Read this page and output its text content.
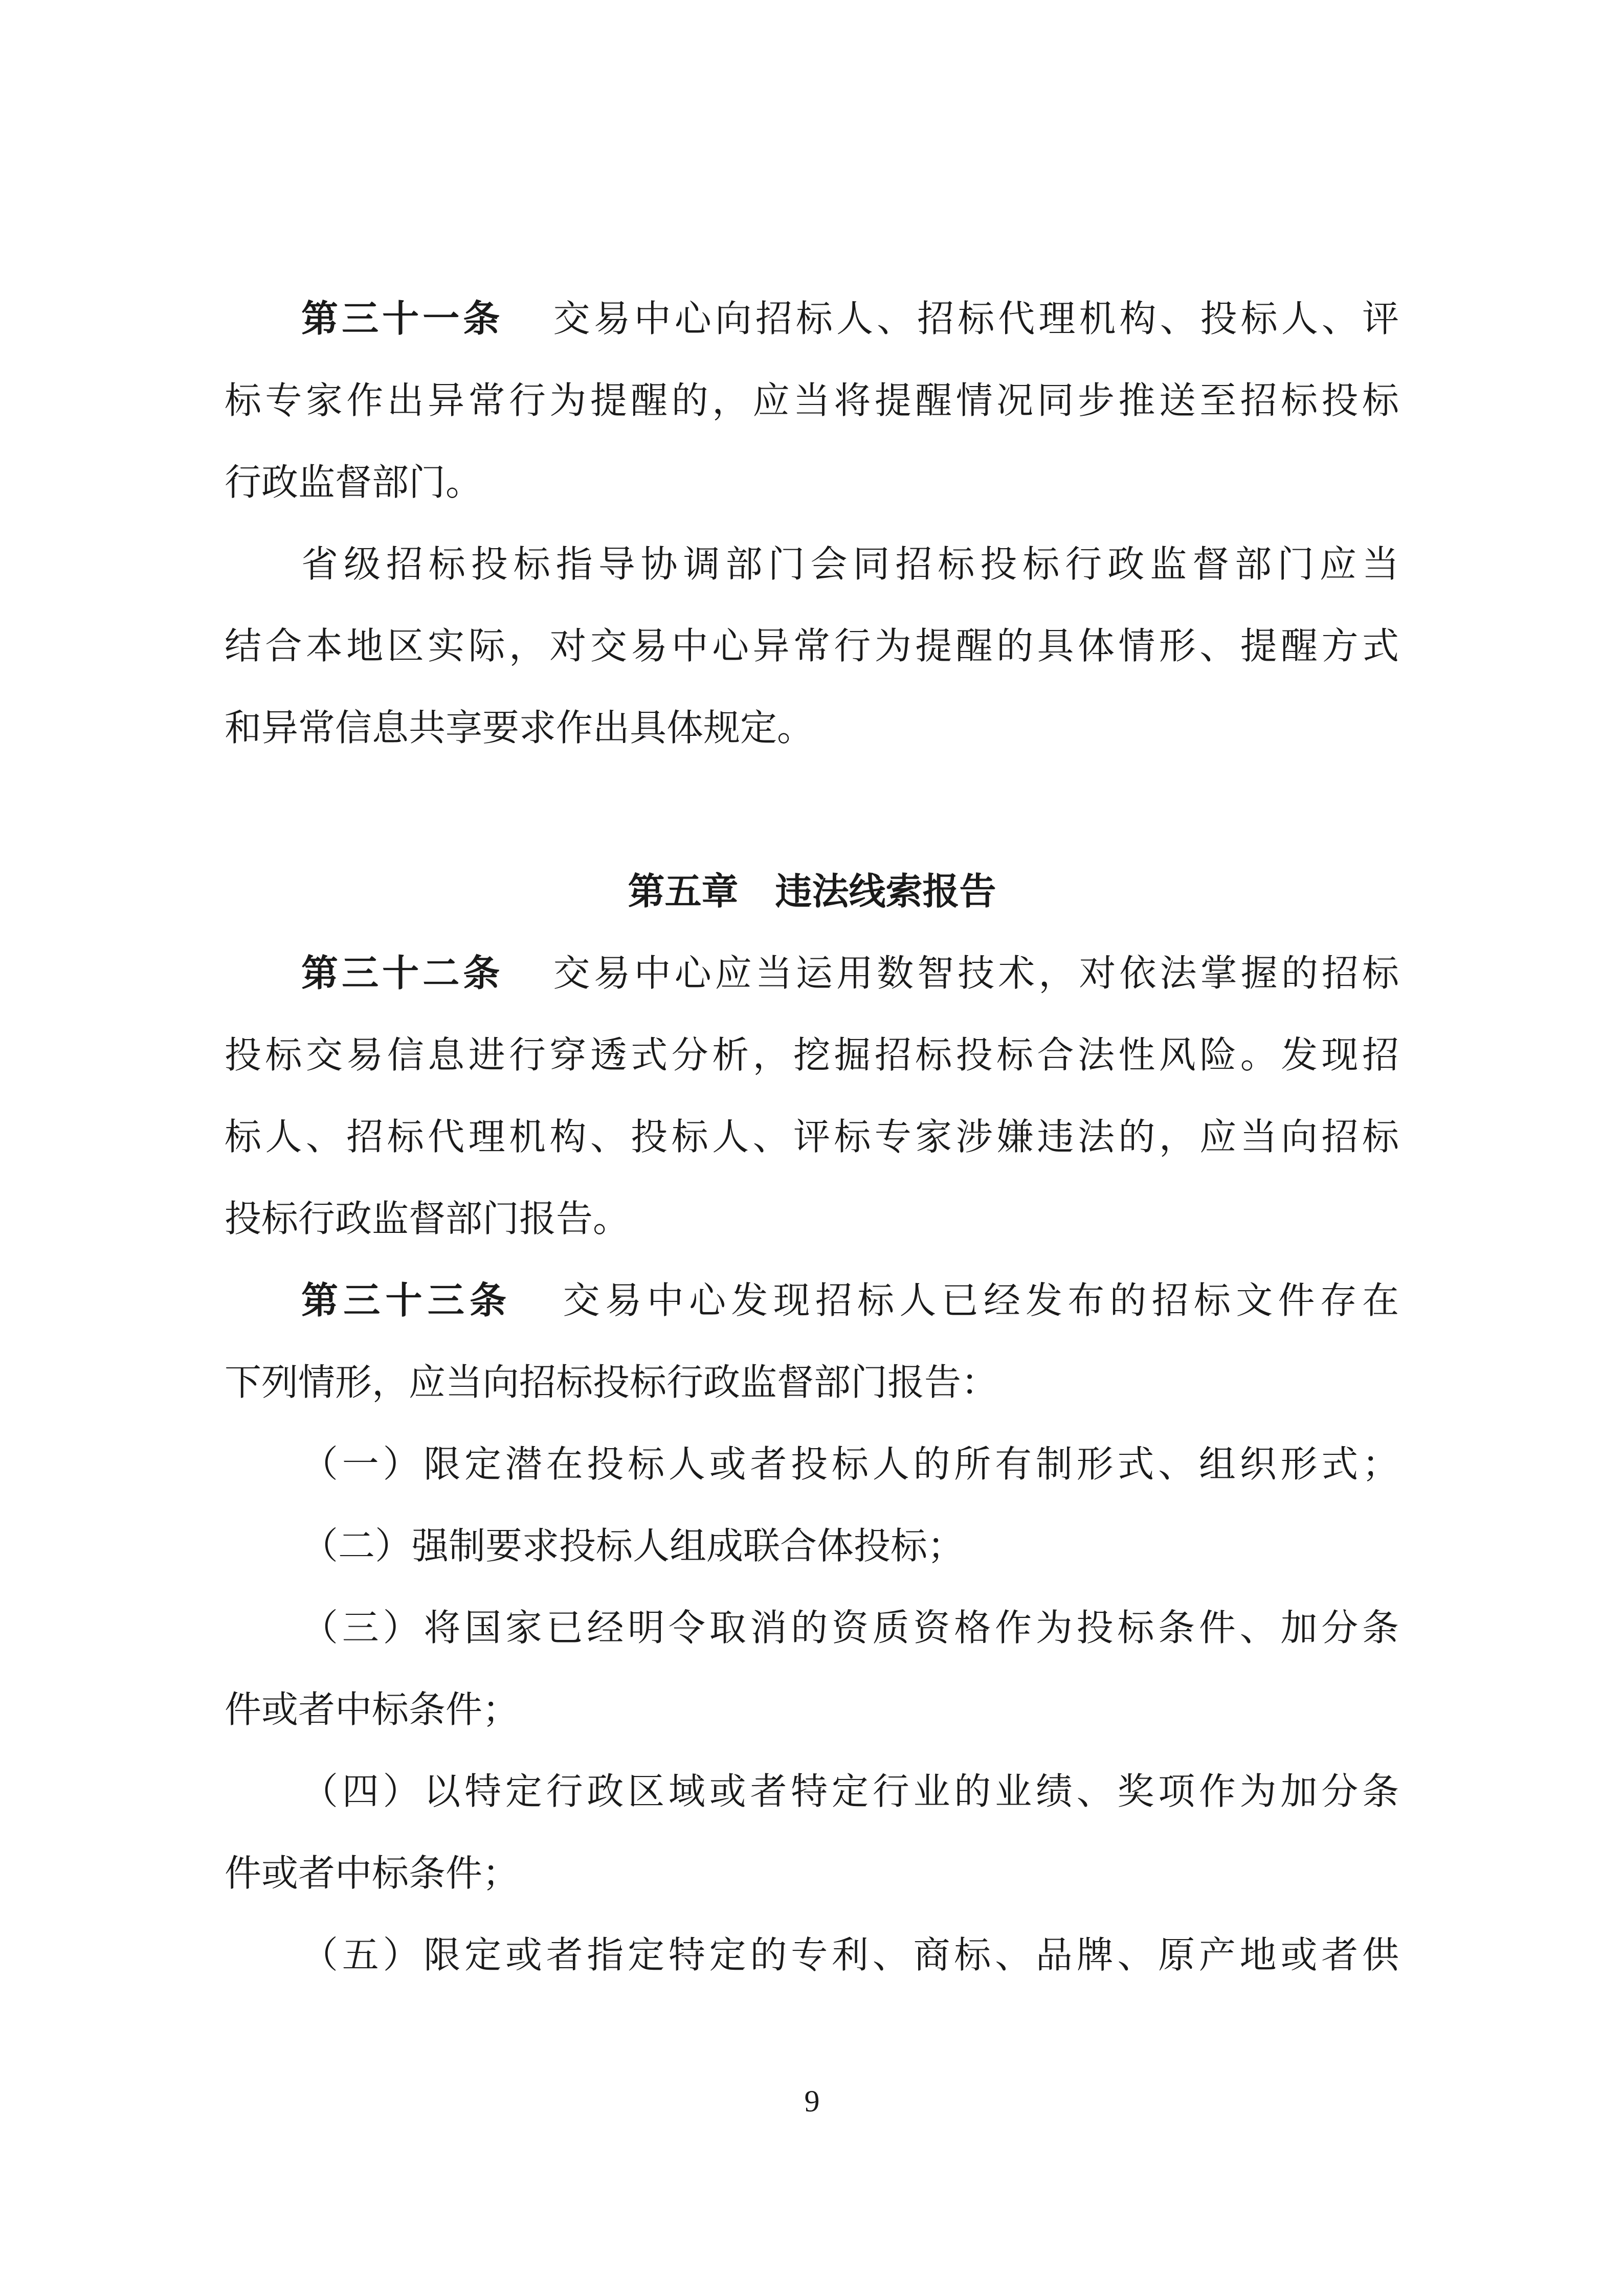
第三十一条 交易中心向招标人、招标代理机构、投标人、评
标专家作出异常行为提醒的，应当将提醒情况同步推送至招标投标
行政监督部门。
省级招标投标指导协调部门会同招标投标行政监督部门应当
结合本地区实际，对交易中心异常行为提醒的具体情形、提醒方式
和异常信息共享要求作出具体规定。
第五章　违法线索报告
第三十二条 交易中心应当运用数智技术，对依法掌握的招标
投标交易信息进行穿透式分析，挖掘招标投标合法性风险。发现招
标人、招标代理机构、投标人、评标专家涉嫌违法的，应当向招标
投标行政监督部门报告。
第三十三条 交易中心发现招标人已经发布的招标文件存在
下列情形，应当向招标投标行政监督部门报告：
（一）限定潜在投标人或者投标人的所有制形式、组织形式；
（二）强制要求投标人组成联合体投标；
（三）将国家已经明令取消的资质资格作为投标条件、加分条
件或者中标条件；
（四）以特定行政区域或者特定行业的业绩、奖项作为加分条
件或者中标条件；
（五）限定或者指定特定的专利、商标、品牌、原产地或者供
9
